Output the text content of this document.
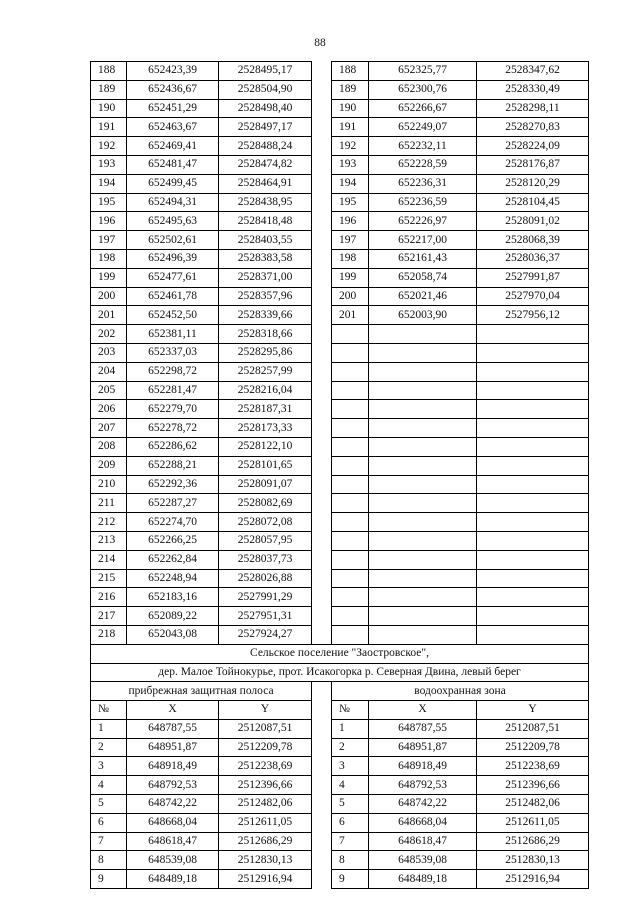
88
188	652423,39	2528495,17		188	652325,77	2528347,62
189	652436,67	2528504,90		189	652300,76	2528330,49
190	652451,29	2528498,40		190	652266,67	2528298,11
191	652463,67	2528497,17		191	652249,07	2528270,83
192	652469,41	2528488,24		192	652232,11	2528224,09
193	652481,47	2528474,82		193	652228,59	2528176,87
194	652499,45	2528464,91		194	652236,31	2528120,29
195	652494,31	2528438,95		195	652236,59	2528104,45
196	652495,63	2528418,48		196	652226,97	2528091,02
197	652502,61	2528403,55		197	652217,00	2528068,39
198	652496,39	2528383,58		198	652161,43	2528036,37
199	652477,61	2528371,00		199	652058,74	2527991,87
200	652461,78	2528357,96		200	652021,46	2527970,04
201	652452,50	2528339,66		201	652003,90	2527956,12
202	652381,11	2528318,66				
203	652337,03	2528295,86				
204	652298,72	2528257,99				
205	652281,47	2528216,04				
206	652279,70	2528187,31				
207	652278,72	2528173,33				
208	652286,62	2528122,10				
209	652288,21	2528101,65				
210	652292,36	2528091,07				
211	652287,27	2528082,69				
212	652274,70	2528072,08				
213	652266,25	2528057,95				
214	652262,84	2528037,73				
215	652248,94	2528026,88				
216	652183,16	2527991,29				
217	652089,22	2527951,31				
218	652043,08	2527924,27				
Сельское поселение "Заостровское",						
дер. Малое Тойнокурье, прот. Исакогорка р. Северная Двина, левый берег						
прибрежная защитная полоса				водоохранная зона		
№	X	Y		№	X	Y
1	648787,55	2512087,51		1	648787,55	2512087,51
2	648951,87	2512209,78		2	648951,87	2512209,78
3	648918,49	2512238,69		3	648918,49	2512238,69
4	648792,53	2512396,66		4	648792,53	2512396,66
5	648742,22	2512482,06		5	648742,22	2512482,06
6	648668,04	2512611,05		6	648668,04	2512611,05
7	648618,47	2512686,29		7	648618,47	2512686,29
8	648539,08	2512830,13		8	648539,08	2512830,13
9	648489,18	2512916,94		9	648489,18	2512916,94
